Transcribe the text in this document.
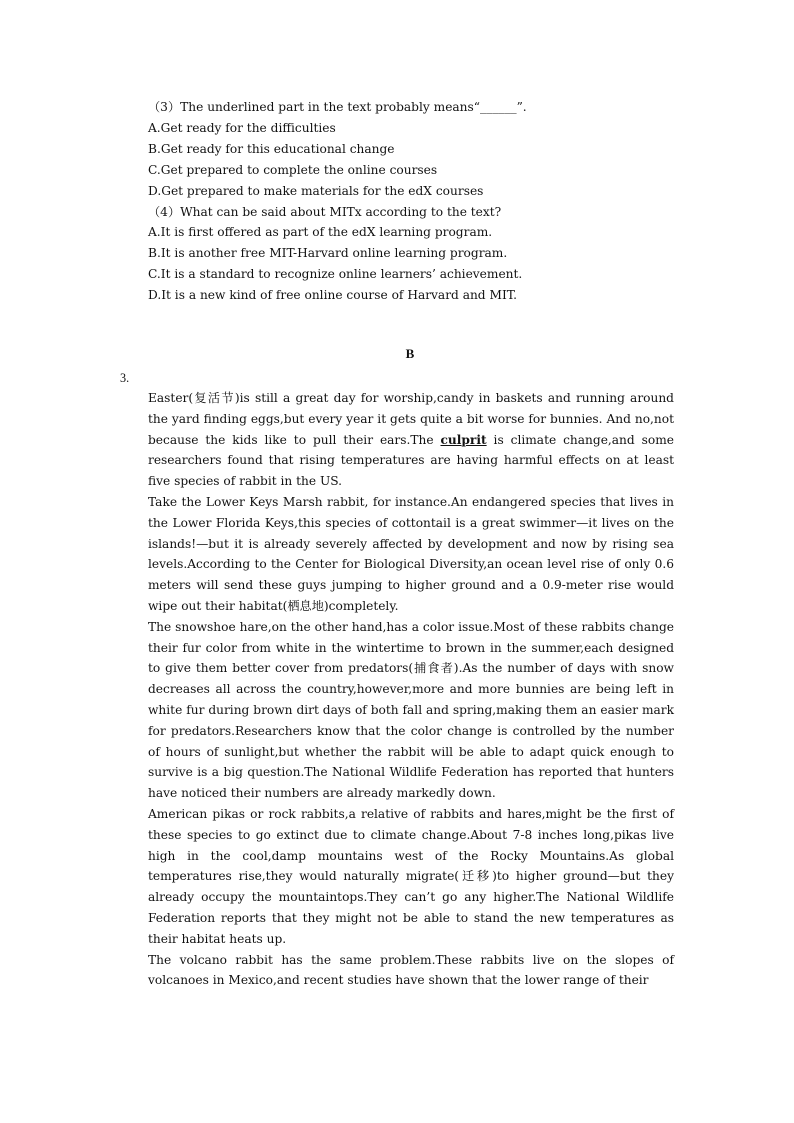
（3）The underlined part in the text probably means“______”.
A.Get ready for the difficulties
B.Get ready for this educational change
C.Get prepared to complete the online courses
D.Get prepared to make materials for the edX courses
（4）What can be said about MITx according to the text?
A.It is first offered as part of the edX learning program.
B.It is another free MIT-Harvard online learning program.
C.It is a standard to recognize online learners’ achievement.
D.It is a new kind of free online course of Harvard and MIT.
B
3.
Easter(复活节)is still a great day for worship,candy in baskets and running around the yard finding eggs,but every year it gets quite a bit worse for bunnies. And no,not because the kids like to pull their ears.The culprit is climate change,and some researchers found that rising temperatures are having harmful effects on at least five species of rabbit in the US.
Take the Lower Keys Marsh rabbit, for instance.An endangered species that lives in the Lower Florida Keys,this species of cottontail is a great swimmer—it lives on the islands!—but it is already severely affected by development and now by rising sea levels.According to the Center for Biological Diversity,an ocean level rise of only 0.6 meters will send these guys jumping to higher ground and a 0.9-meter rise would wipe out their habitat(栖息地)completely.
The snowshoe hare,on the other hand,has a color issue.Most of these rabbits change their fur color from white in the wintertime to brown in the summer,each designed to give them better cover from predators(捕食者).As the number of days with snow decreases all across the country,however,more and more bunnies are being left in white fur during brown dirt days of both fall and spring,making them an easier mark for predators.Researchers know that the color change is controlled by the number of hours of sunlight,but whether the rabbit will be able to adapt quick enough to survive is a big question.The National Wildlife Federation has reported that hunters have noticed their numbers are already markedly down.
American pikas or rock rabbits,a relative of rabbits and hares,might be the first of these species to go extinct due to climate change.About 7-8 inches long,pikas live high in the cool,damp mountains west of the Rocky Mountains.As global temperatures rise,they would naturally migrate(迁移)to higher ground—but they already occupy the mountaintops.They can’t go any higher.The National Wildlife Federation reports that they might not be able to stand the new temperatures as their habitat heats up.
The volcano rabbit has the same problem.These rabbits live on the slopes of volcanoes in Mexico,and recent studies have shown that the lower range of their
